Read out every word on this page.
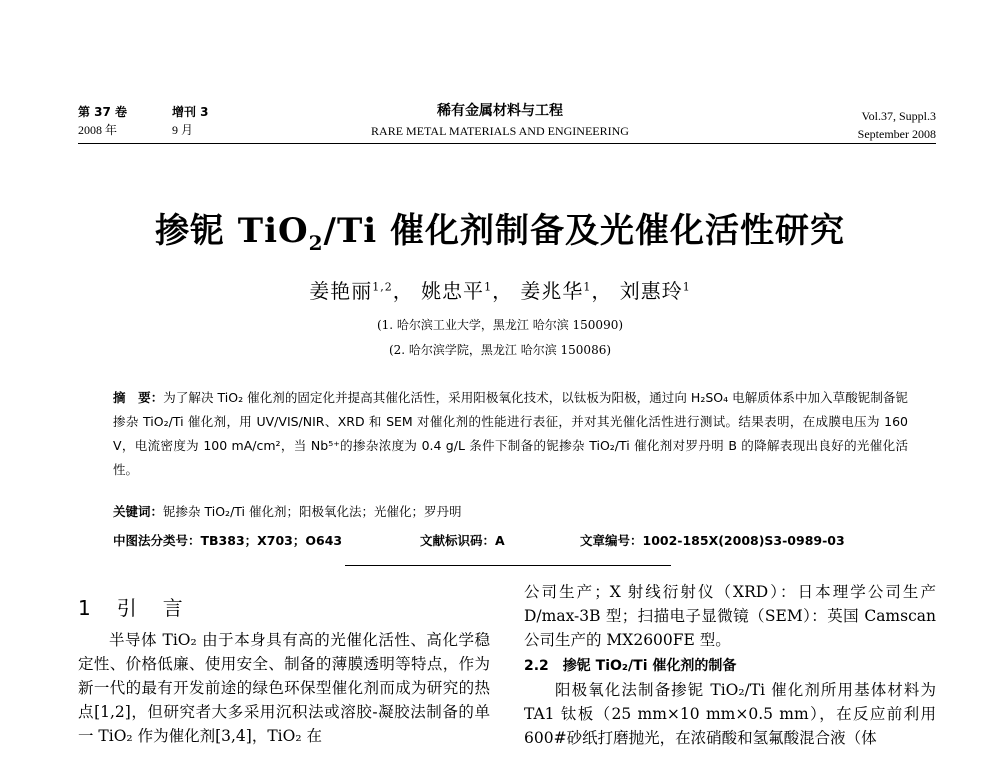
第 37 卷	增刊 3
2008 年	9 月
稀有金属材料与工程
RARE METAL MATERIALS AND ENGINEERING
Vol.37, Suppl.3
September 2008
掺铌 TiO$_2$/Ti 催化剂制备及光催化活性研究
姜艳丽$^{1,2}$， 姚忠平$^1$， 姜兆华$^1$， 刘惠玲$^1$
(1. 哈尔滨工业大学，黑龙江 哈尔滨 150090)
(2. 哈尔滨学院，黑龙江 哈尔滨 150086)
摘　要：为了解决 TiO₂ 催化剂的固定化并提高其催化活性，采用阳极氧化技术，以钛板为阳极，通过向 H₂SO₄ 电解质体系中加入草酸铌制备铌掺杂 TiO₂/Ti 催化剂，用 UV/VIS/NIR、XRD 和 SEM 对催化剂的性能进行表征，并对其光催化活性进行测试。结果表明，在成膜电压为 160 V，电流密度为 100 mA/cm²，当 Nb⁵⁺的掺杂浓度为 0.4 g/L 条件下制备的铌掺杂 TiO₂/Ti 催化剂对罗丹明 B 的降解表现出良好的光催化活性。
关键词：铌掺杂 TiO₂/Ti 催化剂；阳极氧化法；光催化；罗丹明
中图法分类号：TB383；X703；O643	文献标识码：A	文章编号：1002-185X(2008)S3-0989-03
1　引　言
半导体 TiO₂ 由于本身具有高的光催化活性、高化学稳定性、价格低廉、使用安全、制备的薄膜透明等特点，作为新一代的最有开发前途的绿色环保型催化剂而成为研究的热点[1,2]，但研究者大多采用沉积法或溶胶-凝胶法制备的单一 TiO₂ 作为催化剂[3,4]，TiO₂ 在
公司生产；X 射线衍射仪（XRD）：日本理学公司生产 D/max-3B 型；扫描电子显微镜（SEM）：英国 Camscan 公司生产的 MX2600FE 型。
2.2　掺铌 TiO₂/Ti 催化剂的制备
阳极氧化法制备掺铌 TiO₂/Ti 催化剂所用基体材料为 TA1 钛板（25 mm×10 mm×0.5 mm），在反应前利用 600#砂纸打磨抛光，在浓硝酸和氢氟酸混合液（体
